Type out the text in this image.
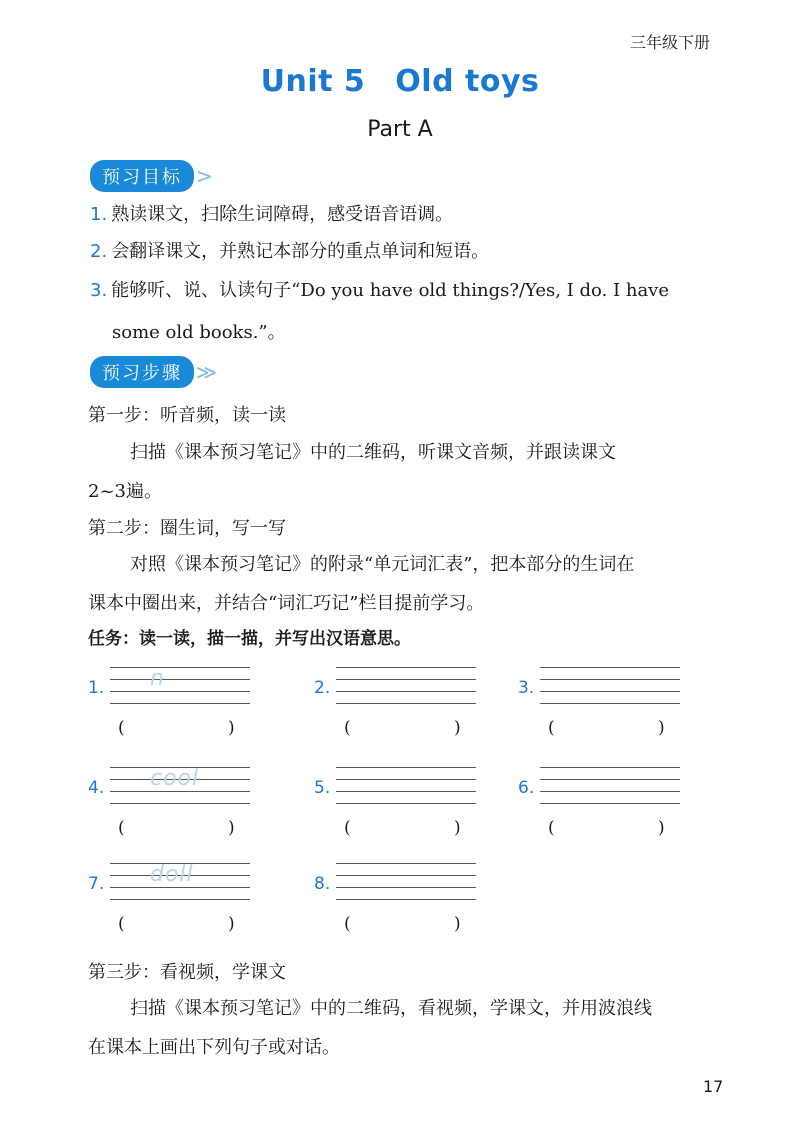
三年级下册
Unit 5 Old toys
Part A
预习目标 >
1. 熟读课文，扫除生词障碍，感受语音语调。
2. 会翻译课文，并熟记本部分的重点单词和短语。
3. 能够听、说、认读句子“Do you have old things?/Yes, I do. I have
some old books.”。
预习步骤 ≫
第一步：听音频，读一读
扫描《课本预习笔记》中的二维码，听课文音频，并跟读课文
2~3遍。
第二步：圈生词，写一写
对照《课本预习笔记》的附录“单元词汇表”，把本部分的生词在
课本中圈出来，并结合“词汇巧记”栏目提前学习。
任务：读一读，描一描，并写出汉语意思。
1. n
(	)
2.
(	)
3.
(	)
4. cool
(	)
5.
(	)
6.
(	)
7. doll
(	)
8.
(	)
第三步：看视频，学课文
扫描《课本预习笔记》中的二维码，看视频，学课文，并用波浪线
在课本上画出下列句子或对话。
17
